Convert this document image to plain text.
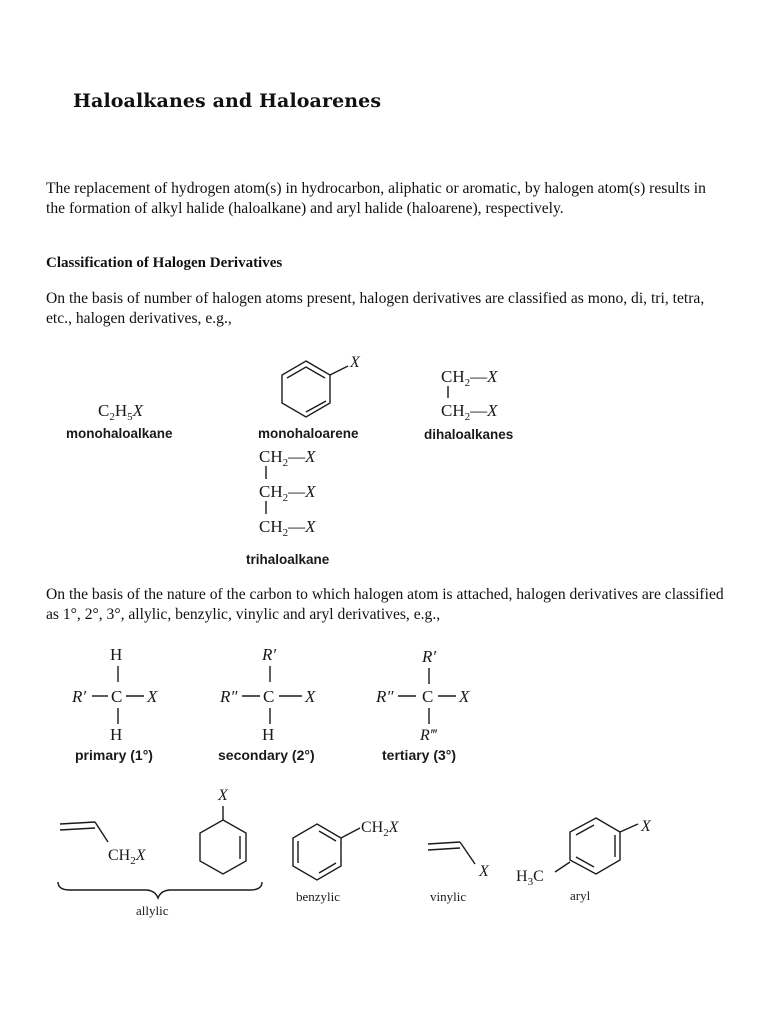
Haloalkanes and Haloarenes

The replacement of hydrogen atom(s) in hydrocarbon, aliphatic or aromatic, by halogen atom(s) results in the formation of alkyl halide (haloalkane) and aryl halide (haloarene), respectively.

Classification of Halogen Derivatives

On the basis of number of halogen atoms present, halogen derivatives are classified as mono, di, tri, tetra, etc., halogen derivatives, e.g.,

$C_2H_5X$
monohaloalkane
X
monohaloarene
$CH_2—X$
$CH_2—X$
dihaloalkanes
$CH_2—X$
$CH_2—X$
$CH_2—X$
trihaloalkane

On the basis of the nature of the carbon to which halogen atom is attached, halogen derivatives are classified as 1°, 2°, 3°, allylic, benzylic, vinylic and aryl derivatives, e.g.,

H
R′ C X
H
primary (1°)
R′
R″ C X
H
secondary (2°)
R′
R″ C X
R‴
tertiary (3°)
$CH_2X$
X
allylic
$CH_2X$
benzylic
X
vinylic
$H_3C$
X
aryl
